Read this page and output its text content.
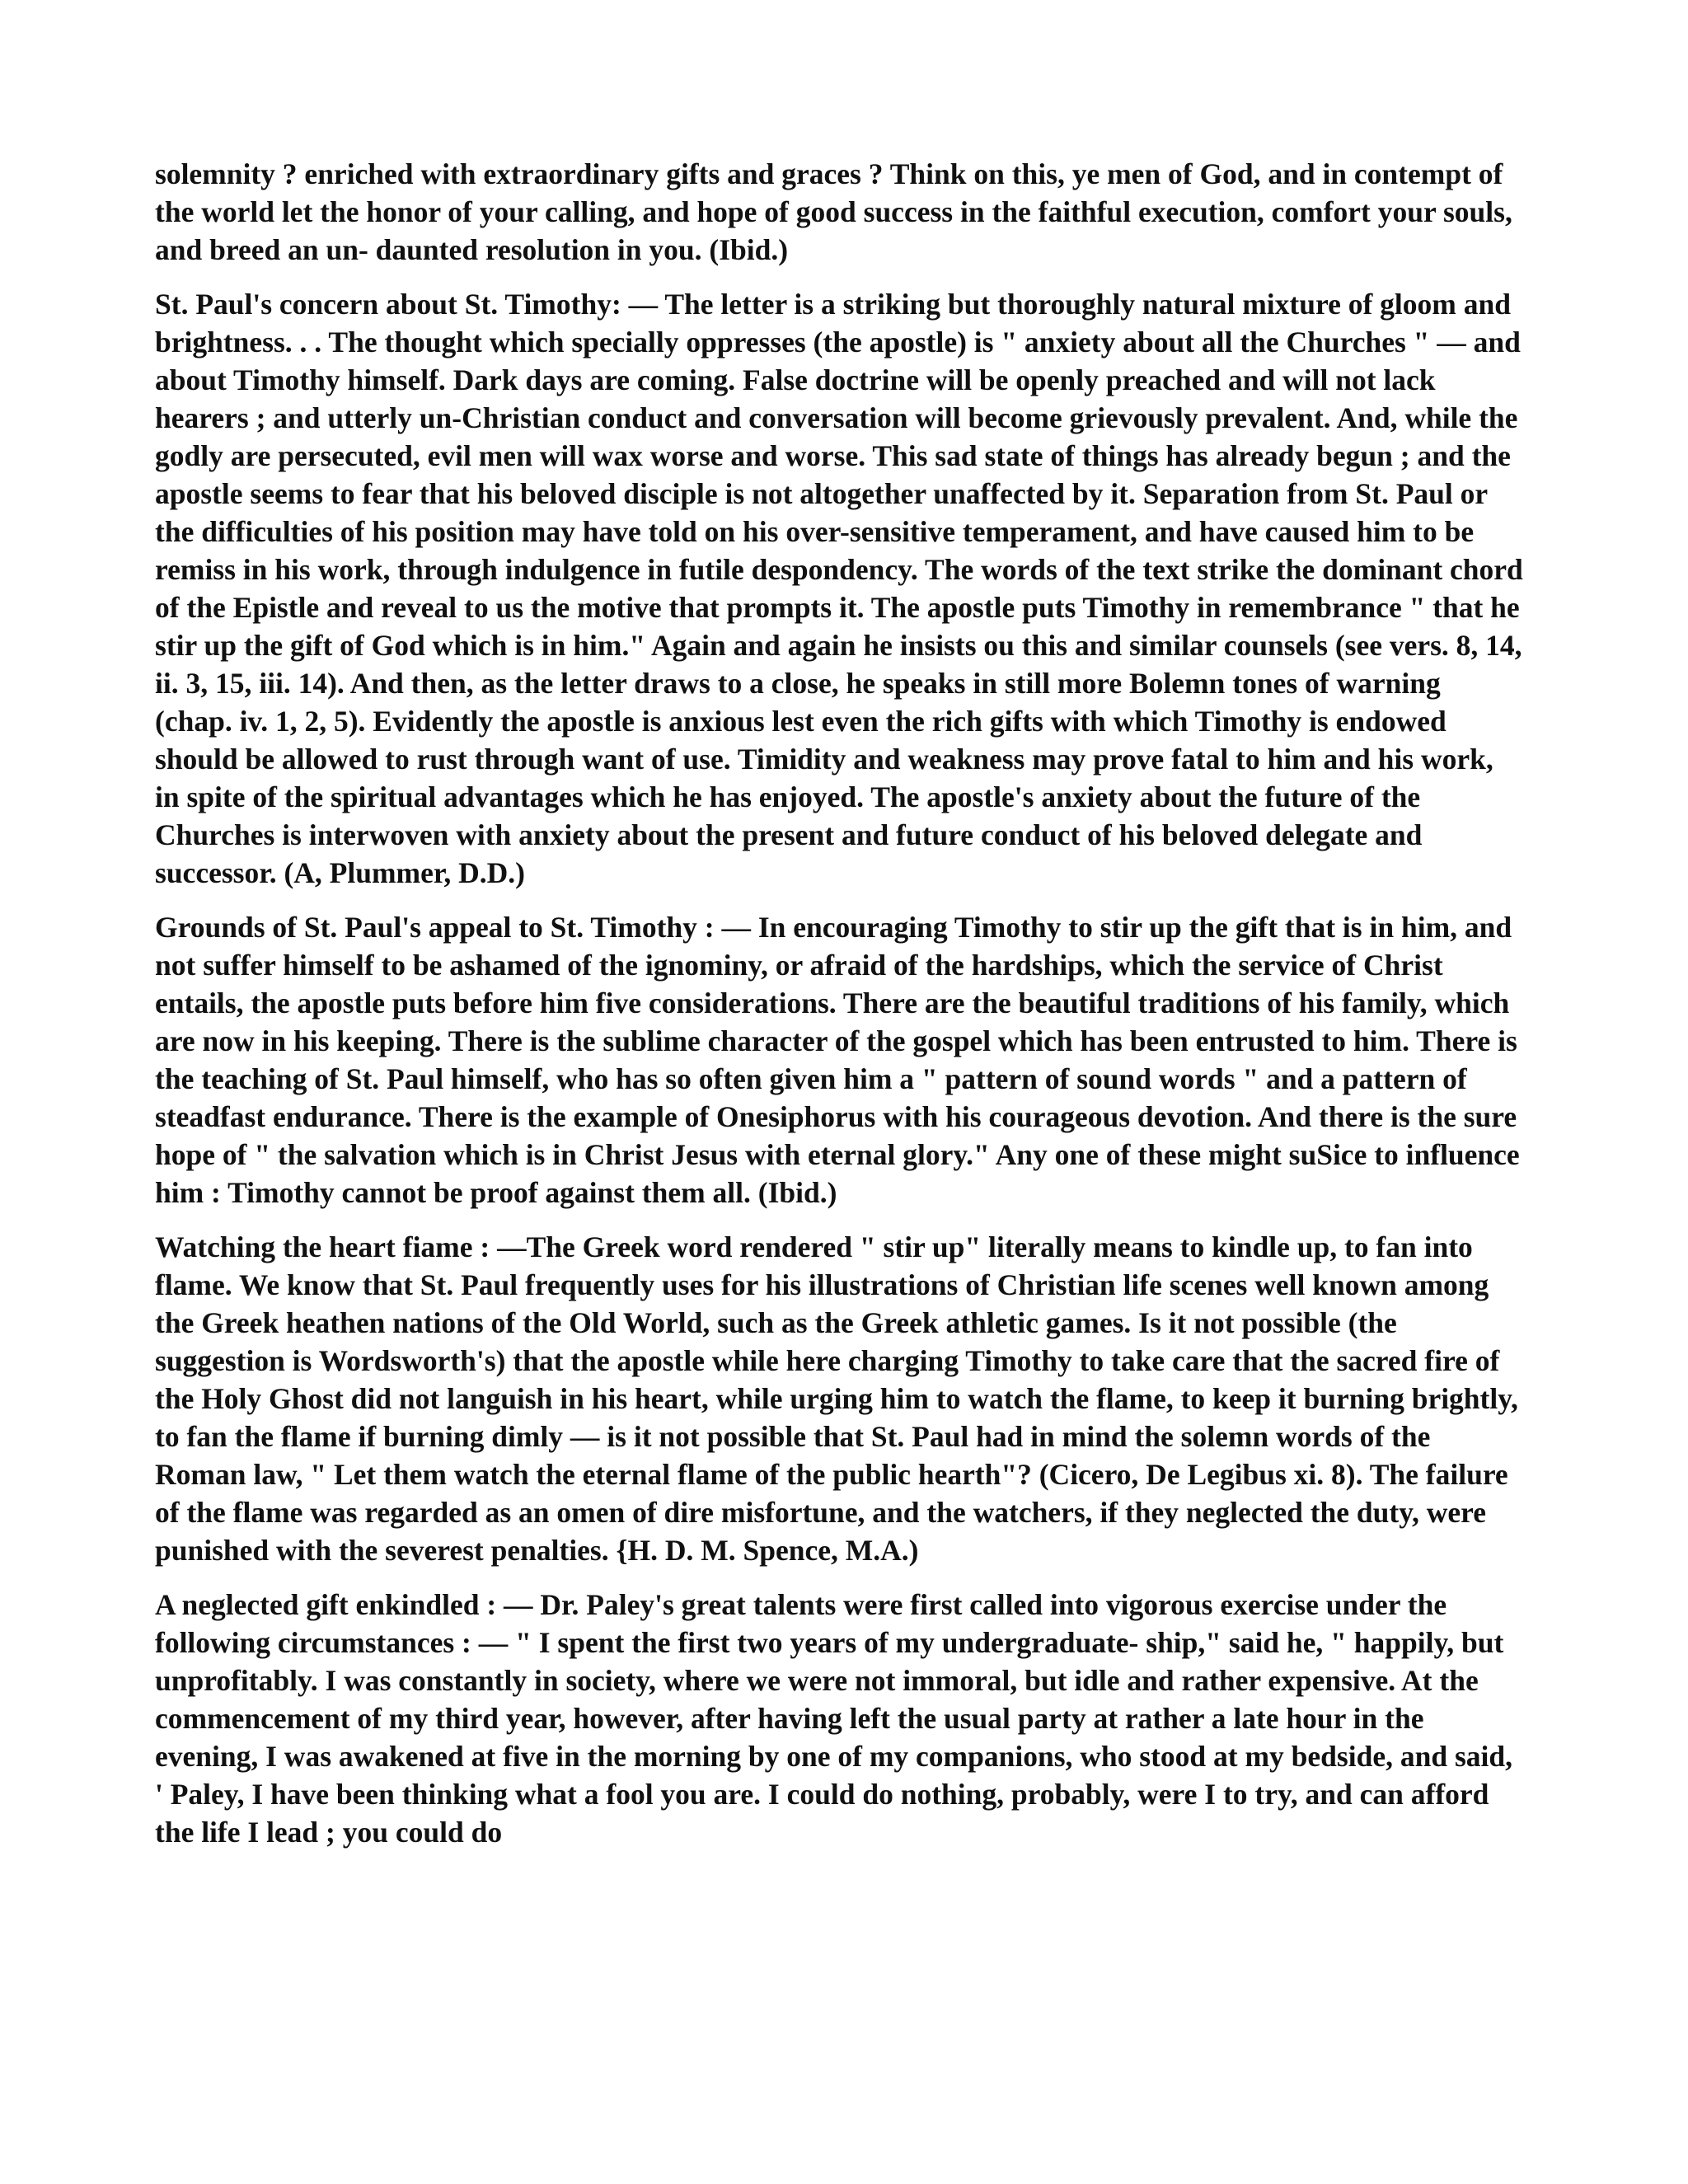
solemnity ? enriched with extraordinary gifts and graces ? Think on this, ye men of God, and in contempt of the world let the honor of your calling, and hope of good success in the faithful execution, comfort your souls, and breed an un- daunted resolution in you. (Ibid.)

St. Paul's concern about St. Timothy: — The letter is a striking but thoroughly natural mixture of gloom and brightness. . . The thought which specially oppresses (the apostle) is " anxiety about all the Churches " — and about Timothy himself. Dark days are coming. False doctrine will be openly preached and will not lack hearers ; and utterly un-Christian conduct and conversation will become grievously prevalent. And, while the godly are persecuted, evil men will wax worse and worse. This sad state of things has already begun ; and the apostle seems to fear that his beloved disciple is not altogether unaffected by it. Separation from St. Paul or the difficulties of his position may have told on his over-sensitive temperament, and have caused him to be remiss in his work, through indulgence in futile despondency. The words of the text strike the dominant chord of the Epistle and reveal to us the motive that prompts it. The apostle puts Timothy in remembrance " that he stir up the gift of God which is in him." Again and again he insists ou this and similar counsels (see vers. 8, 14, ii. 3, 15, iii. 14). And then, as the letter draws to a close, he speaks in still more Bolemn tones of warning (chap. iv. 1, 2, 5). Evidently the apostle is anxious lest even the rich gifts with which Timothy is endowed should be allowed to rust through want of use. Timidity and weakness may prove fatal to him and his work, in spite of the spiritual advantages which he has enjoyed. The apostle's anxiety about the future of the Churches is interwoven with anxiety about the present and future conduct of his beloved delegate and successor. (A, Plummer, D.D.)

Grounds of St. Paul's appeal to St. Timothy : — In encouraging Timothy to stir up the gift that is in him, and not suffer himself to be ashamed of the ignominy, or afraid of the hardships, which the service of Christ entails, the apostle puts before him five considerations. There are the beautiful traditions of his family, which are now in his keeping. There is the sublime character of the gospel which has been entrusted to him. There is the teaching of St. Paul himself, who has so often given him a " pattern of sound words " and a pattern of steadfast endurance. There is the example of Onesiphorus with his courageous devotion. And there is the sure hope of " the salvation which is in Christ Jesus with eternal glory." Any one of these might suSice to influence him : Timothy cannot be proof against them all. (Ibid.)

Watching the heart fiame : —The Greek word rendered " stir up" literally means to kindle up, to fan into flame. We know that St. Paul frequently uses for his illustrations of Christian life scenes well known among the Greek heathen nations of the Old World, such as the Greek athletic games. Is it not possible (the suggestion is Wordsworth's) that the apostle while here charging Timothy to take care that the sacred fire of the Holy Ghost did not languish in his heart, while urging him to watch the flame, to keep it burning brightly, to fan the flame if burning dimly — is it not possible that St. Paul had in mind the solemn words of the Roman law, " Let them watch the eternal flame of the public hearth"? (Cicero, De Legibus xi. 8). The failure of the flame was regarded as an omen of dire misfortune, and the watchers, if they neglected the duty, were punished with the severest penalties. {H. D. M. Spence, M.A.)

A neglected gift enkindled : — Dr. Paley's great talents were first called into vigorous exercise under the following circumstances : — " I spent the first two years of my undergraduate- ship," said he, " happily, but unprofitably. I was constantly in society, where we were not immoral, but idle and rather expensive. At the commencement of my third year, however, after having left the usual party at rather a late hour in the evening, I was awakened at five in the morning by one of my companions, who stood at my bedside, and said, ' Paley, I have been thinking what a fool you are. I could do nothing, probably, were I to try, and can afford the life I lead ; you could do
